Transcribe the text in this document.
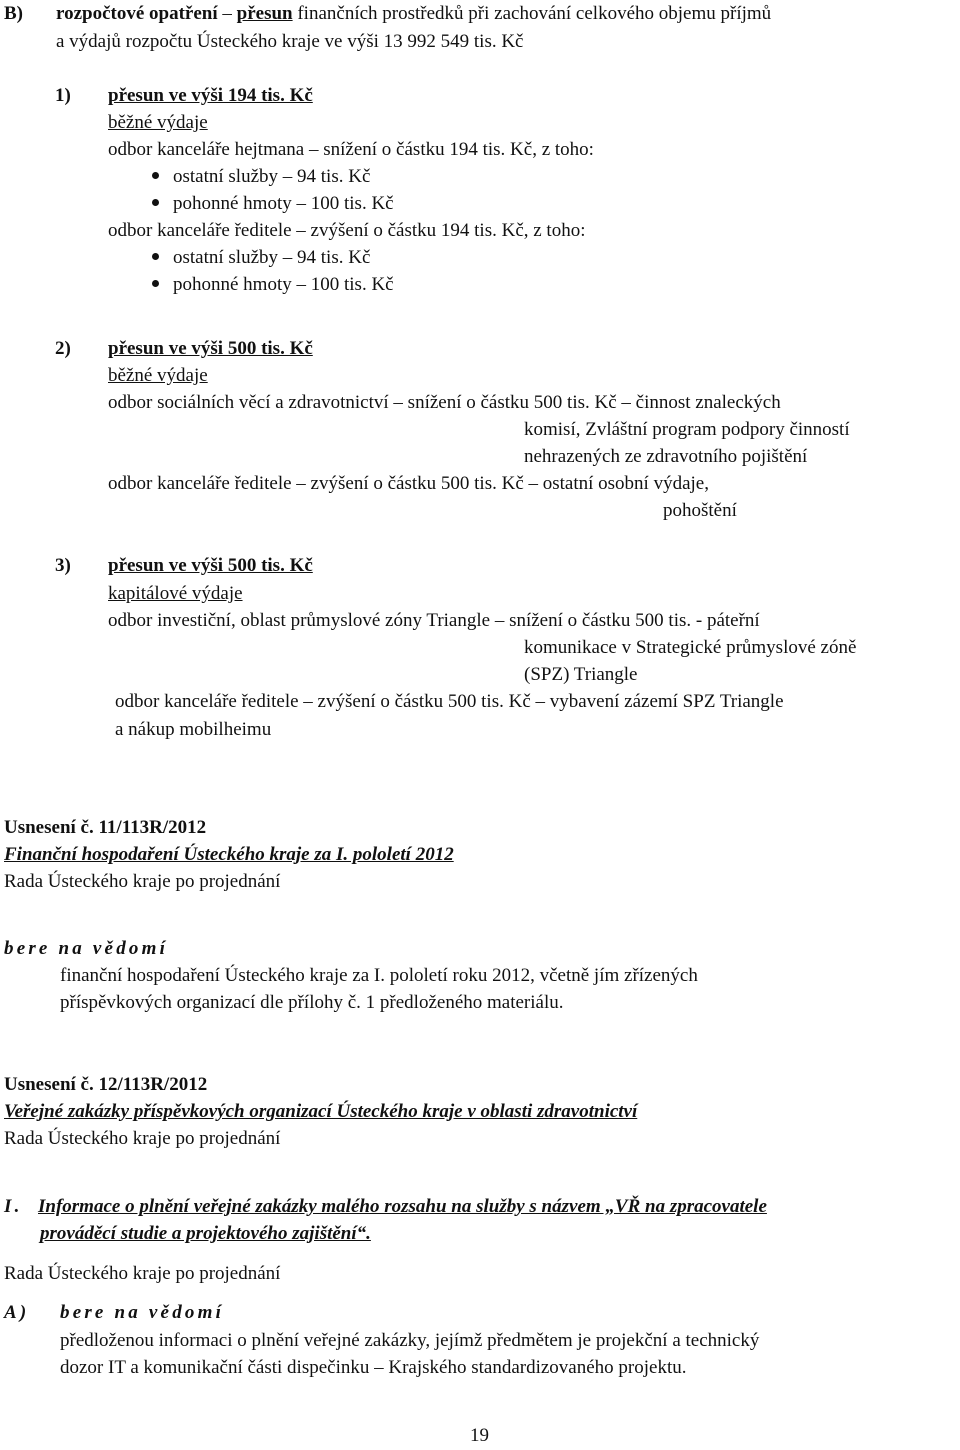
B) rozpočtové opatření – přesun finančních prostředků při zachování celkového objemu příjmů
a výdajů rozpočtu Ústeckého kraje ve výši 13 992 549 tis. Kč
1) přesun ve výši 194 tis. Kč
běžné výdaje
odbor kanceláře hejtmana – snížení o částku 194 tis. Kč, z toho:
ostatní služby – 94 tis. Kč
pohonné hmoty – 100 tis. Kč
odbor kanceláře ředitele – zvýšení o částku 194 tis. Kč, z toho:
ostatní služby – 94 tis. Kč
pohonné hmoty – 100 tis. Kč
2) přesun ve výši 500 tis. Kč
běžné výdaje
odbor sociálních věcí a zdravotnictví – snížení o částku 500 tis. Kč – činnost znaleckých
komisí, Zvláštní program podpory činností
nehrazených ze zdravotního pojištění
odbor kanceláře ředitele – zvýšení o částku 500 tis. Kč – ostatní osobní výdaje,
pohoštění
3) přesun ve výši 500 tis. Kč
kapitálové výdaje
odbor investiční, oblast průmyslové zóny Triangle – snížení o částku 500 tis. - páteřní
komunikace v Strategické průmyslové zóně
(SPZ) Triangle
odbor kanceláře ředitele – zvýšení o částku 500 tis. Kč – vybavení zázemí SPZ Triangle
a nákup mobilheimu
Usnesení č. 11/113R/2012
Finanční hospodaření Ústeckého kraje za I. pololetí 2012
Rada Ústeckého kraje po projednání
bere na vědomí
finanční hospodaření Ústeckého kraje za I. pololetí roku 2012, včetně jím zřízených
příspěvkových organizací dle přílohy č. 1 předloženého materiálu.
Usnesení č. 12/113R/2012
Veřejné zakázky příspěvkových organizací Ústeckého kraje v oblasti zdravotnictví
Rada Ústeckého kraje po projednání
I. Informace o plnění veřejné zakázky malého rozsahu na služby s názvem „VŘ na zpracovatele
prováděcí studie a projektového zajištění“.
Rada Ústeckého kraje po projednání
A) bere na vědomí
předloženou informaci o plnění veřejné zakázky, jejímž předmětem je projekční a technický
dozor IT a komunikační části dispečinku – Krajského standardizovaného projektu.
19
